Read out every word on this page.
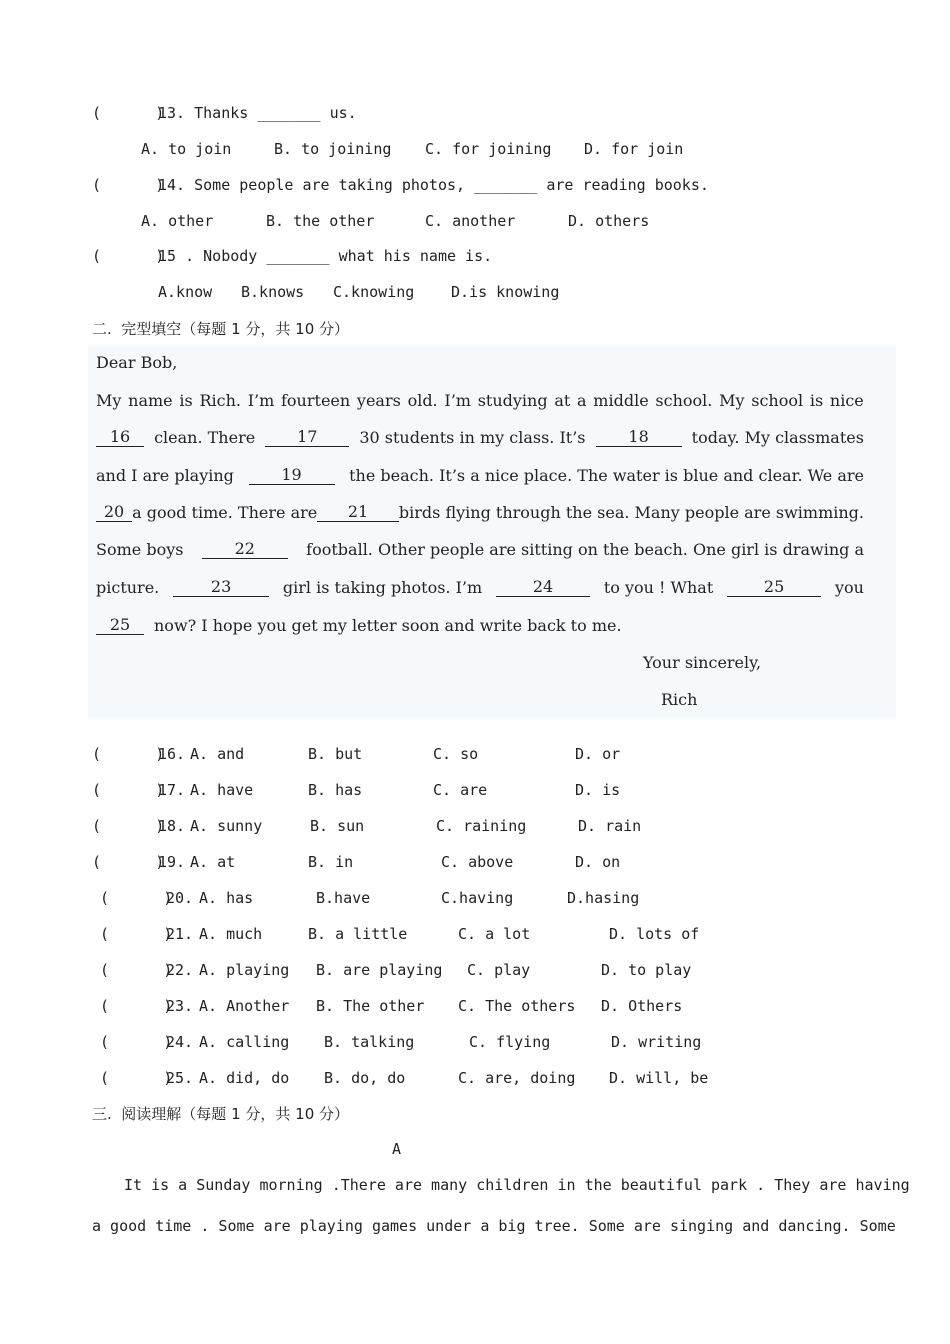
(      )
13. Thanks _______ us.
A. to join	B. to joining C. for joining D. for join
(      )
14. Some people are taking photos, _______ are reading books.
A. other	B. the other	C. another	D. others
(      )
15 . Nobody _______ what his name is.
A.know B.knows C.knowing D.is knowing
二.  完型填空（每题 1 分，共 10 分）
Dear Bob,
My name is Rich. I’m fourteen years old. I’m studying at a middle school. My school is nice
16	clean. There	17	30 students in my class. It’s	18	today. My classmates
and I are playing	19	the beach. It’s a nice place. The water is blue and clear. We are
20 a good time. There are	21	birds flying through the sea. Many people are swimming.
Some boys	22	football. Other people are sitting on the beach. One girl is drawing a
picture.	23	girl is taking photos. I’m	24	to you ! What	25	you
25	now? I hope you get my letter soon and write back to me.
Your sincerely,
Rich
(      )
16. A. and	B. but	C. so	D. or
(      )
17. A. have	B. has	C. are	D. is
(      )
18. A. sunny	B. sun	C. raining	D. rain
(      )
19. A. at	B. in	C. above	D. on
(      )
20. A. has	B.have	C.having	D.hasing
(      )
21. A. much	B. a little	C. a lot	D. lots of
(      )
22. A. playing B. are playing C. play	D. to play
(      )
23. A. Another B. The other C. The others D. Others
(      )
24. A. calling B. talking	C. flying	D. writing
(      )
25. A. did, do B. do, do	C. are, doing D. will, be
三.  阅读理解（每题 1 分，共 10 分）
A
It is a Sunday morning .There are many children in the beautiful park . They are having
a good time . Some are playing games under a big tree. Some are singing and dancing. Some
